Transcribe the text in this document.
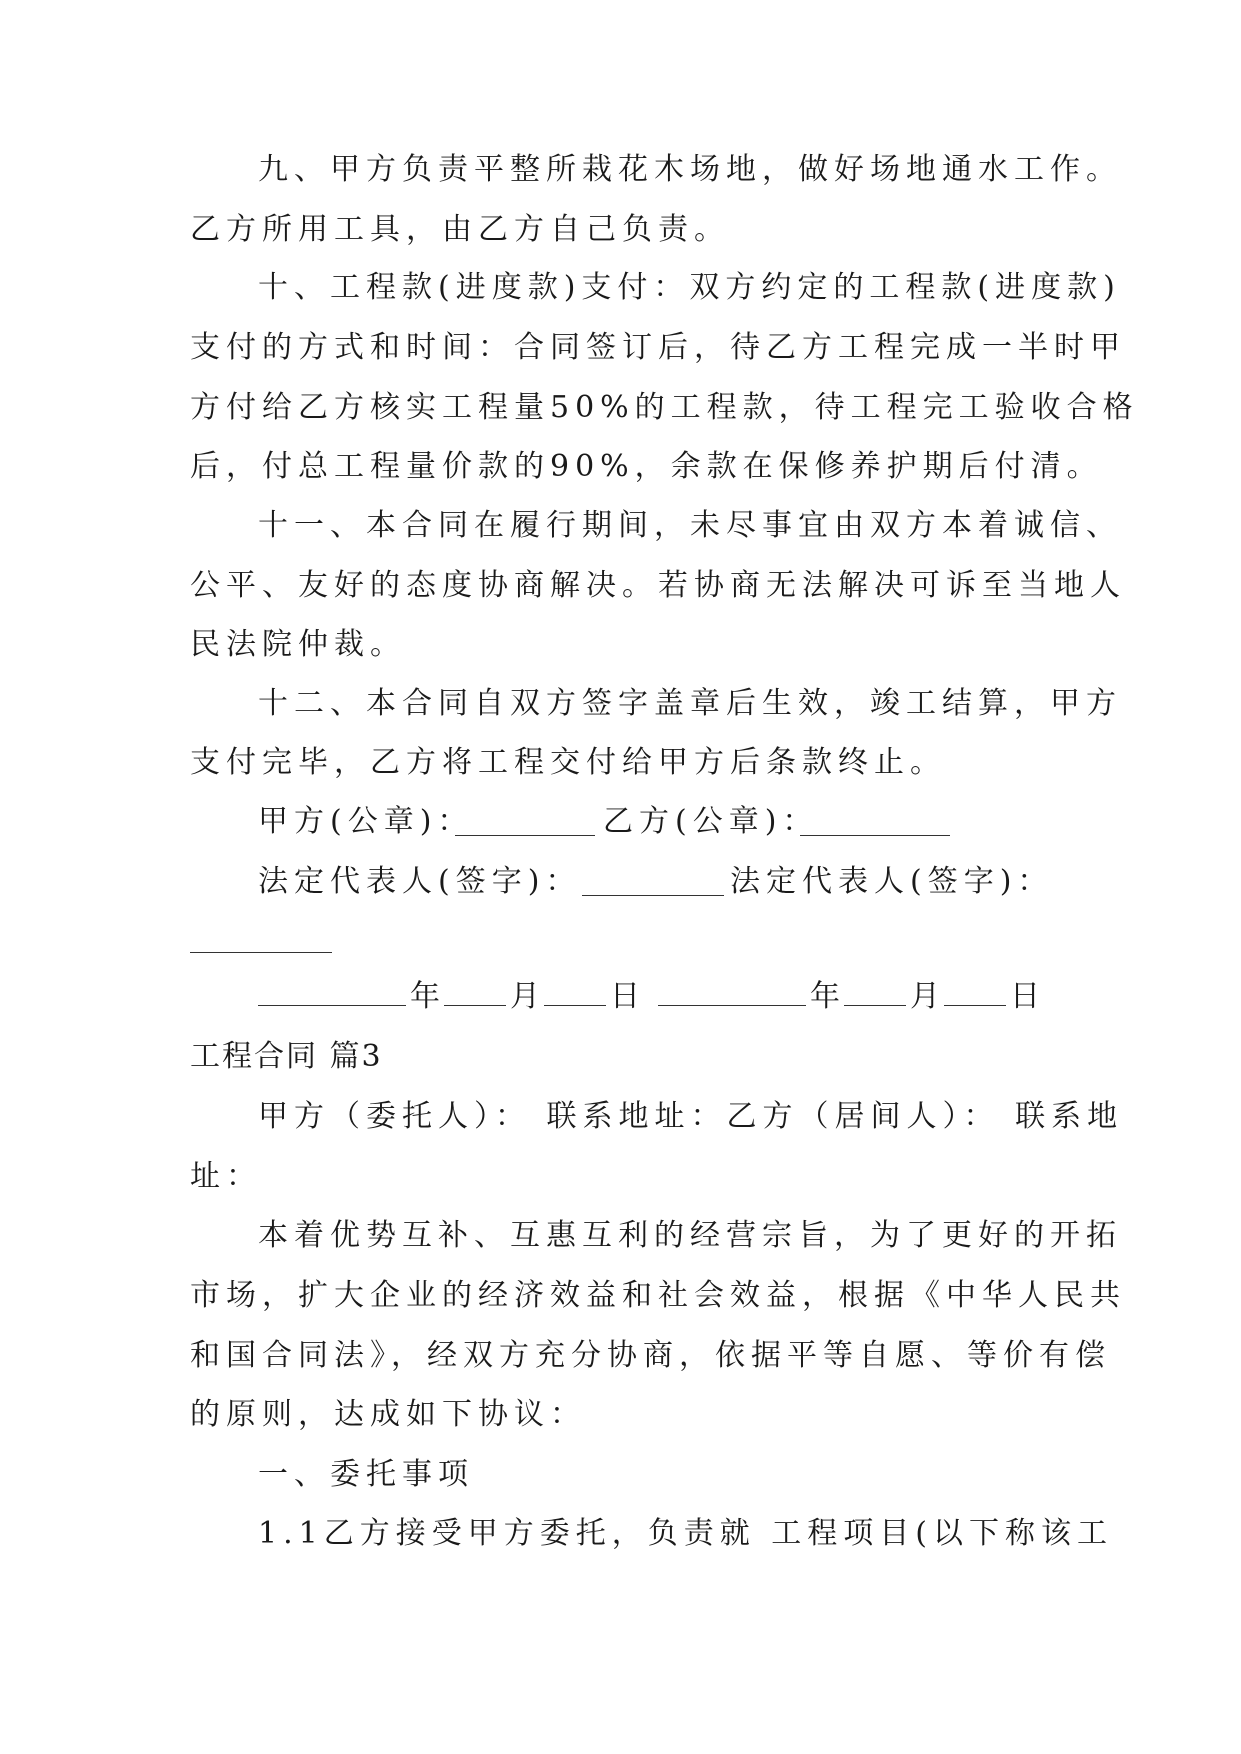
九、甲方负责平整所栽花木场地，做好场地通水工作。
乙方所用工具，由乙方自己负责。
十、工程款(进度款)支付：双方约定的工程款(进度款)
支付的方式和时间：合同签订后，待乙方工程完成一半时甲
方付给乙方核实工程量50%的工程款，待工程完工验收合格
后，付总工程量价款的90%，余款在保修养护期后付清。
十一、本合同在履行期间，未尽事宜由双方本着诚信、
公平、友好的态度协商解决。若协商无法解决可诉至当地人
民法院仲裁。
十二、本合同自双方签字盖章后生效，竣工结算，甲方
支付完毕，乙方将工程交付给甲方后条款终止。
甲方(公章)：	乙方(公章)：
法定代表人(签字)：	法定代表人(签字)：
年 月 日	年 月 日
工程合同 篇3
甲方（委托人）： 联系地址：乙方（居间人）： 联系地
址：
本着优势互补、互惠互利的经营宗旨，为了更好的开拓
市场，扩大企业的经济效益和社会效益，根据《中华人民共
和国合同法》，经双方充分协商，依据平等自愿、等价有偿
的原则，达成如下协议：
一、委托事项
1.1乙方接受甲方委托，负责就 工程项目(以下称该工
